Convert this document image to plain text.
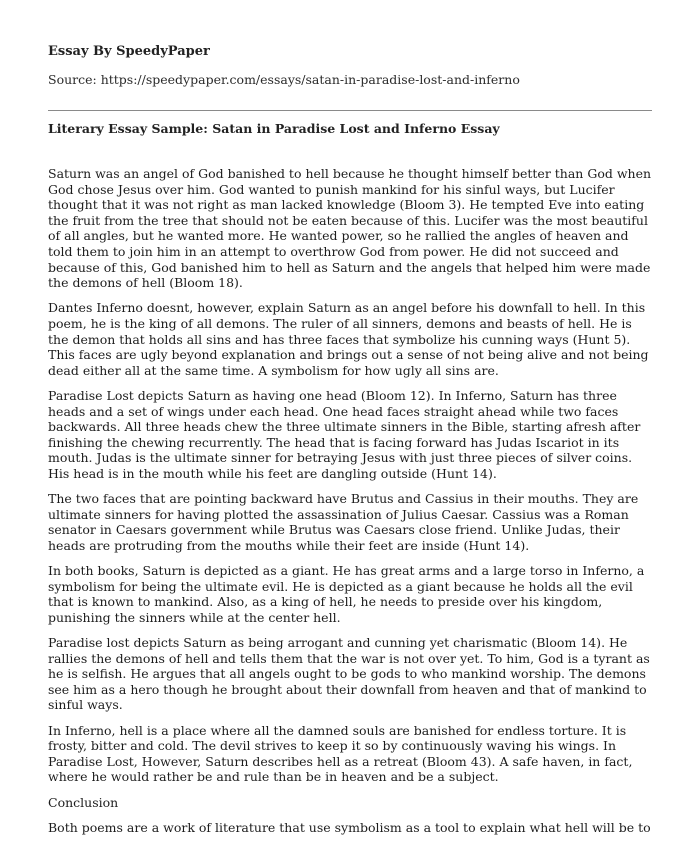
Essay By SpeedyPaper
Source: https://speedypaper.com/essays/satan-in-paradise-lost-and-inferno
Literary Essay Sample: Satan in Paradise Lost and Inferno Essay

Saturn was an angel of God banished to hell because he thought himself better than God when God chose Jesus over him. God wanted to punish mankind for his sinful ways, but Lucifer thought that it was not right as man lacked knowledge (Bloom 3). He tempted Eve into eating the fruit from the tree that should not be eaten because of this. Lucifer was the most beautiful of all angles, but he wanted more. He wanted power, so he rallied the angles of heaven and told them to join him in an attempt to overthrow God from power. He did not succeed and because of this, God banished him to hell as Saturn and the angels that helped him were made the demons of hell (Bloom 18).

Dantes Inferno doesnt, however, explain Saturn as an angel before his downfall to hell. In this poem, he is the king of all demons. The ruler of all sinners, demons and beasts of hell. He is the demon that holds all sins and has three faces that symbolize his cunning ways (Hunt 5). This faces are ugly beyond explanation and brings out a sense of not being alive and not being dead either all at the same time. A symbolism for how ugly all sins are.

Paradise Lost depicts Saturn as having one head (Bloom 12). In Inferno, Saturn has three heads and a set of wings under each head. One head faces straight ahead while two faces backwards. All three heads chew the three ultimate sinners in the Bible, starting afresh after finishing the chewing recurrently. The head that is facing forward has Judas Iscariot in its mouth. Judas is the ultimate sinner for betraying Jesus with just three pieces of silver coins. His head is in the mouth while his feet are dangling outside (Hunt 14).

The two faces that are pointing backward have Brutus and Cassius in their mouths. They are ultimate sinners for having plotted the assassination of Julius Caesar. Cassius was a Roman senator in Caesars government while Brutus was Caesars close friend. Unlike Judas, their heads are protruding from the mouths while their feet are inside (Hunt 14).

In both books, Saturn is depicted as a giant. He has great arms and a large torso in Inferno, a symbolism for being the ultimate evil. He is depicted as a giant because he holds all the evil that is known to mankind. Also, as a king of hell, he needs to preside over his kingdom, punishing the sinners while at the center hell.

Paradise lost depicts Saturn as being arrogant and cunning yet charismatic (Bloom 14). He rallies the demons of hell and tells them that the war is not over yet. To him, God is a tyrant as he is selfish. He argues that all angels ought to be gods to who mankind worship. The demons see him as a hero though he brought about their downfall from heaven and that of mankind to sinful ways.

In Inferno, hell is a place where all the damned souls are banished for endless torture. It is frosty, bitter and cold. The devil strives to keep it so by continuously waving his wings. In Paradise Lost, However, Saturn describes hell as a retreat (Bloom 43). A safe haven, in fact, where he would rather be and rule than be in heaven and be a subject.

Conclusion

Both poems are a work of literature that use symbolism as a tool to explain what hell will be to
